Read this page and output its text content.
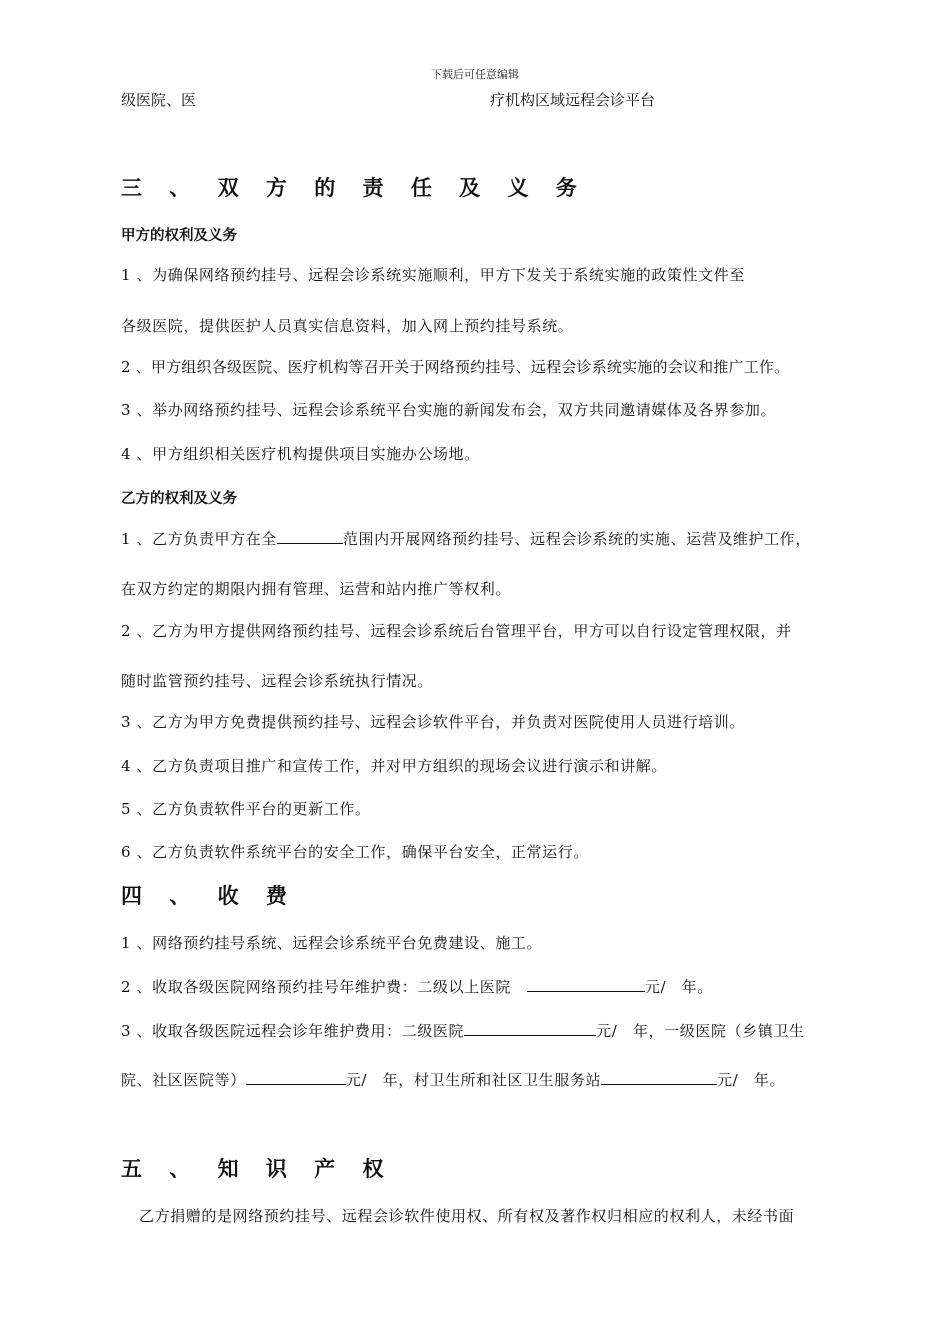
下载后可任意编辑
级医院、医	疗机构区域远程会诊平台
三 、 双 方 的 责 任 及 义 务
甲方的权利及义务
1 、为确保网络预约挂号、远程会诊系统实施顺利，甲方下发关于系统实施的政策性文件至
各级医院，提供医护人员真实信息资料，加入网上预约挂号系统。
2 、甲方组织各级医院、医疗机构等召开关于网络预约挂号、远程会诊系统实施的会议和推广工作。
3 、举办网络预约挂号、远程会诊系统平台实施的新闻发布会，双方共同邀请媒体及各界参加。
4 、甲方组织相关医疗机构提供项目实施办公场地。
乙方的权利及义务
1 、乙方负责甲方在全	范围内开展网络预约挂号、远程会诊系统的实施、运营及维护工作，
在双方约定的期限内拥有管理、运营和站内推广等权利。
2 、乙方为甲方提供网络预约挂号、远程会诊系统后台管理平台，甲方可以自行设定管理权限，并
随时监管预约挂号、远程会诊系统执行情况。
3 、乙方为甲方免费提供预约挂号、远程会诊软件平台，并负责对医院使用人员进行培训。
4 、乙方负责项目推广和宣传工作，并对甲方组织的现场会议进行演示和讲解。
5 、乙方负责软件平台的更新工作。
6 、乙方负责软件系统平台的安全工作，确保平台安全，正常运行。
四 、 收 费
1 、网络预约挂号系统、远程会诊系统平台免费建设、施工。
2 、收取各级医院网络预约挂号年维护费：二级以上医院	元/　年。
3 、收取各级医院远程会诊年维护费用：二级医院	元/　年，一级医院（乡镇卫生
院、社区医院等）	元/　年，村卫生所和社区卫生服务站	元/　年。
五 、 知 识 产 权
乙方捐赠的是网络预约挂号、远程会诊软件使用权、所有权及著作权归相应的权利人，未经书面
